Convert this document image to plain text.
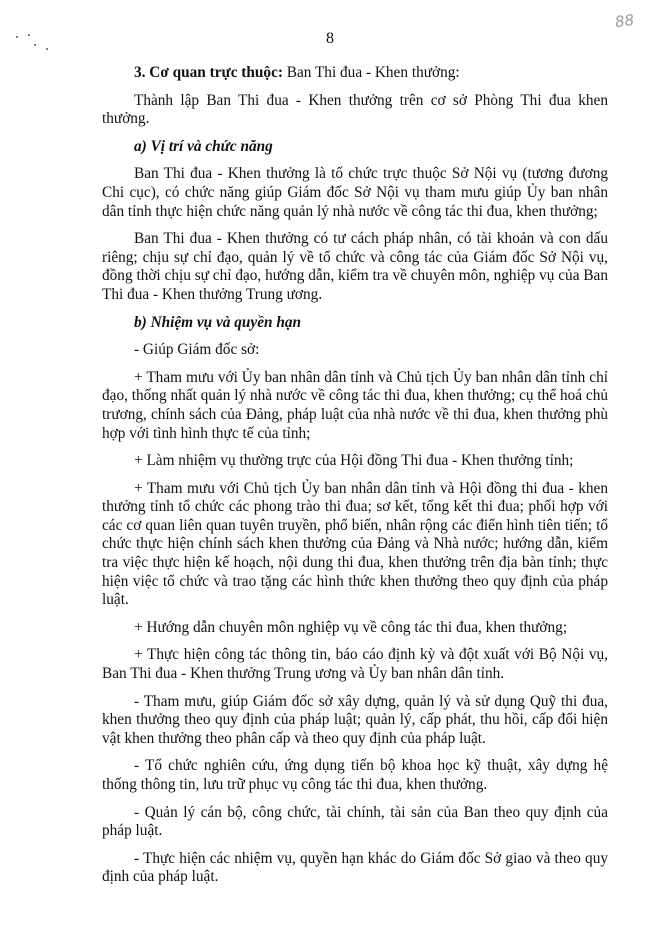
88
8

3. Cơ quan trực thuộc: Ban Thi đua - Khen thưởng:

Thành lập Ban Thi đua - Khen thưởng trên cơ sở Phòng Thi đua khen thưởng.

a) Vị trí và chức năng

Ban Thi đua - Khen thưởng là tổ chức trực thuộc Sở Nội vụ (tương đương Chi cục), có chức năng giúp Giám đốc Sở Nội vụ tham mưu giúp Ủy ban nhân dân tỉnh thực hiện chức năng quản lý nhà nước về công tác thi đua, khen thưởng;

Ban Thi đua - Khen thưởng có tư cách pháp nhân, có tài khoản và con dấu riêng; chịu sự chỉ đạo, quản lý về tổ chức và công tác của Giám đốc Sở Nội vụ, đồng thời chịu sự chỉ đạo, hướng dẫn, kiểm tra về chuyên môn, nghiệp vụ của Ban Thi đua - Khen thưởng Trung ương.

b) Nhiệm vụ và quyền hạn

- Giúp Giám đốc sở:

+ Tham mưu với Ủy ban nhân dân tỉnh và Chủ tịch Ủy ban nhân dân tỉnh chỉ đạo, thống nhất quản lý nhà nước về công tác thi đua, khen thưởng; cụ thể hoá chủ trương, chính sách của Đảng, pháp luật của nhà nước về thi đua, khen thưởng phù hợp với tình hình thực tế của tỉnh;

+ Làm nhiệm vụ thường trực của Hội đồng Thi đua - Khen thưởng tỉnh;

+ Tham mưu với Chủ tịch Ủy ban nhân dân tỉnh và Hội đồng thi đua - khen thưởng tỉnh tổ chức các phong trào thi đua; sơ kết, tổng kết thi đua; phối hợp với các cơ quan liên quan tuyên truyền, phổ biến, nhân rộng các điển hình tiên tiến; tổ chức thực hiện chính sách khen thưởng của Đảng và Nhà nước; hướng dẫn, kiểm tra việc thực hiện kế hoạch, nội dung thi đua, khen thưởng trên địa bàn tỉnh; thực hiện việc tổ chức và trao tặng các hình thức khen thưởng theo quy định của pháp luật.

+ Hướng dẫn chuyên môn nghiệp vụ về công tác thi đua, khen thưởng;

+ Thực hiện công tác thông tin, báo cáo định kỳ và đột xuất với Bộ Nội vụ, Ban Thi đua - Khen thưởng Trung ương và Ủy ban nhân dân tỉnh.

- Tham mưu, giúp Giám đốc sở xây dựng, quản lý và sử dụng Quỹ thi đua, khen thưởng theo quy định của pháp luật; quản lý, cấp phát, thu hồi, cấp đổi hiện vật khen thưởng theo phân cấp và theo quy định của pháp luật.

- Tổ chức nghiên cứu, ứng dụng tiến bộ khoa học kỹ thuật, xây dựng hệ thống thông tin, lưu trữ phục vụ công tác thi đua, khen thưởng.

- Quản lý cán bộ, công chức, tài chính, tài sản của Ban theo quy định của pháp luật.

- Thực hiện các nhiệm vụ, quyền hạn khác do Giám đốc Sở giao và theo quy định của pháp luật.
